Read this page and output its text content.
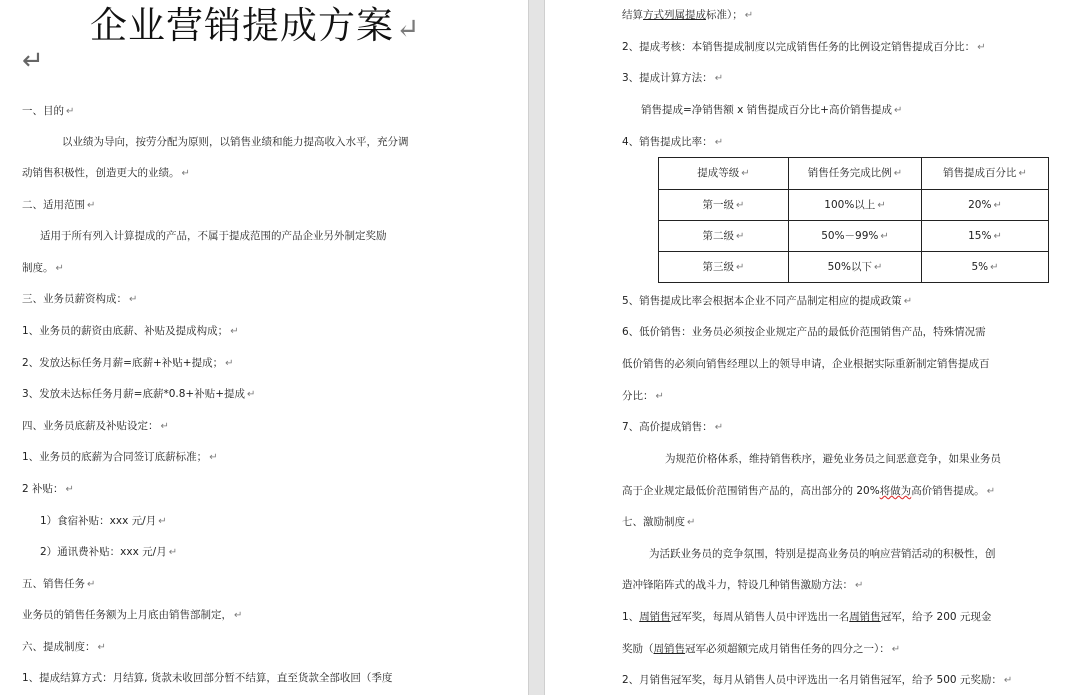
企业营销提成方案↵
↵
一、目的 ↵
以业绩为导向，按劳分配为原则，以销售业绩和能力提高收入水平，充分调
动销售积极性，创造更大的业绩。 ↵
二、适用范围 ↵
适用于所有列入计算提成的产品，不属于提成范围的产品企业另外制定奖励
制度。 ↵
三、业务员薪资构成： ↵
1、业务员的薪资由底薪、补贴及提成构成； ↵
2、发放达标任务月薪=底薪+补贴+提成； ↵
3、发放未达标任务月薪=底薪*0.8+补贴+提成 ↵
四、业务员底薪及补贴设定： ↵
1、业务员的底薪为合同签订底薪标准； ↵
2 补贴： ↵
1）食宿补贴：xxx 元/月 ↵
2）通讯费补贴：xxx 元/月 ↵
五、销售任务 ↵
业务员的销售任务额为上月底由销售部制定， ↵
六、提成制度： ↵
1、提成结算方式：月结算, 货款未收回部分暂不结算，直至货款全部收回（季度
结算方式列属提成标准）； ↵
2、提成考核：本销售提成制度以完成销售任务的比例设定销售提成百分比： ↵
3、提成计算方法： ↵
销售提成=净销售额 x 销售提成百分比+高价销售提成 ↵
4、销售提成比率： ↵
提成等级 ↵	销售任务完成比例 ↵	销售提成百分比 ↵
第一级 ↵	100%以上 ↵	20% ↵
第二级 ↵	50%－99% ↵	15% ↵
第三级 ↵	50%以下 ↵	5% ↵
5、销售提成比率会根据本企业不同产品制定相应的提成政策 ↵
6、低价销售：业务员必须按企业规定产品的最低价范围销售产品，特殊情况需
低价销售的必须向销售经理以上的领导申请，企业根据实际重新制定销售提成百
分比： ↵
7、高价提成销售： ↵
为规范价格体系，维持销售秩序，避免业务员之间恶意竞争，如果业务员
高于企业规定最低价范围销售产品的，高出部分的 20%将做为高价销售提成。 ↵
七、激励制度 ↵
为活跃业务员的竞争氛围，特别是提高业务员的响应营销活动的积极性，创
造冲锋陷阵式的战斗力，特设几种销售激励方法： ↵
1、周销售冠军奖，每周从销售人员中评选出一名周销售冠军，给予 200 元现金
奖励（周销售冠军必须超额完成月销售任务的四分之一）： ↵
2、月销售冠军奖，每月从销售人员中评选出一名月销售冠军，给予 500 元奖励： ↵
